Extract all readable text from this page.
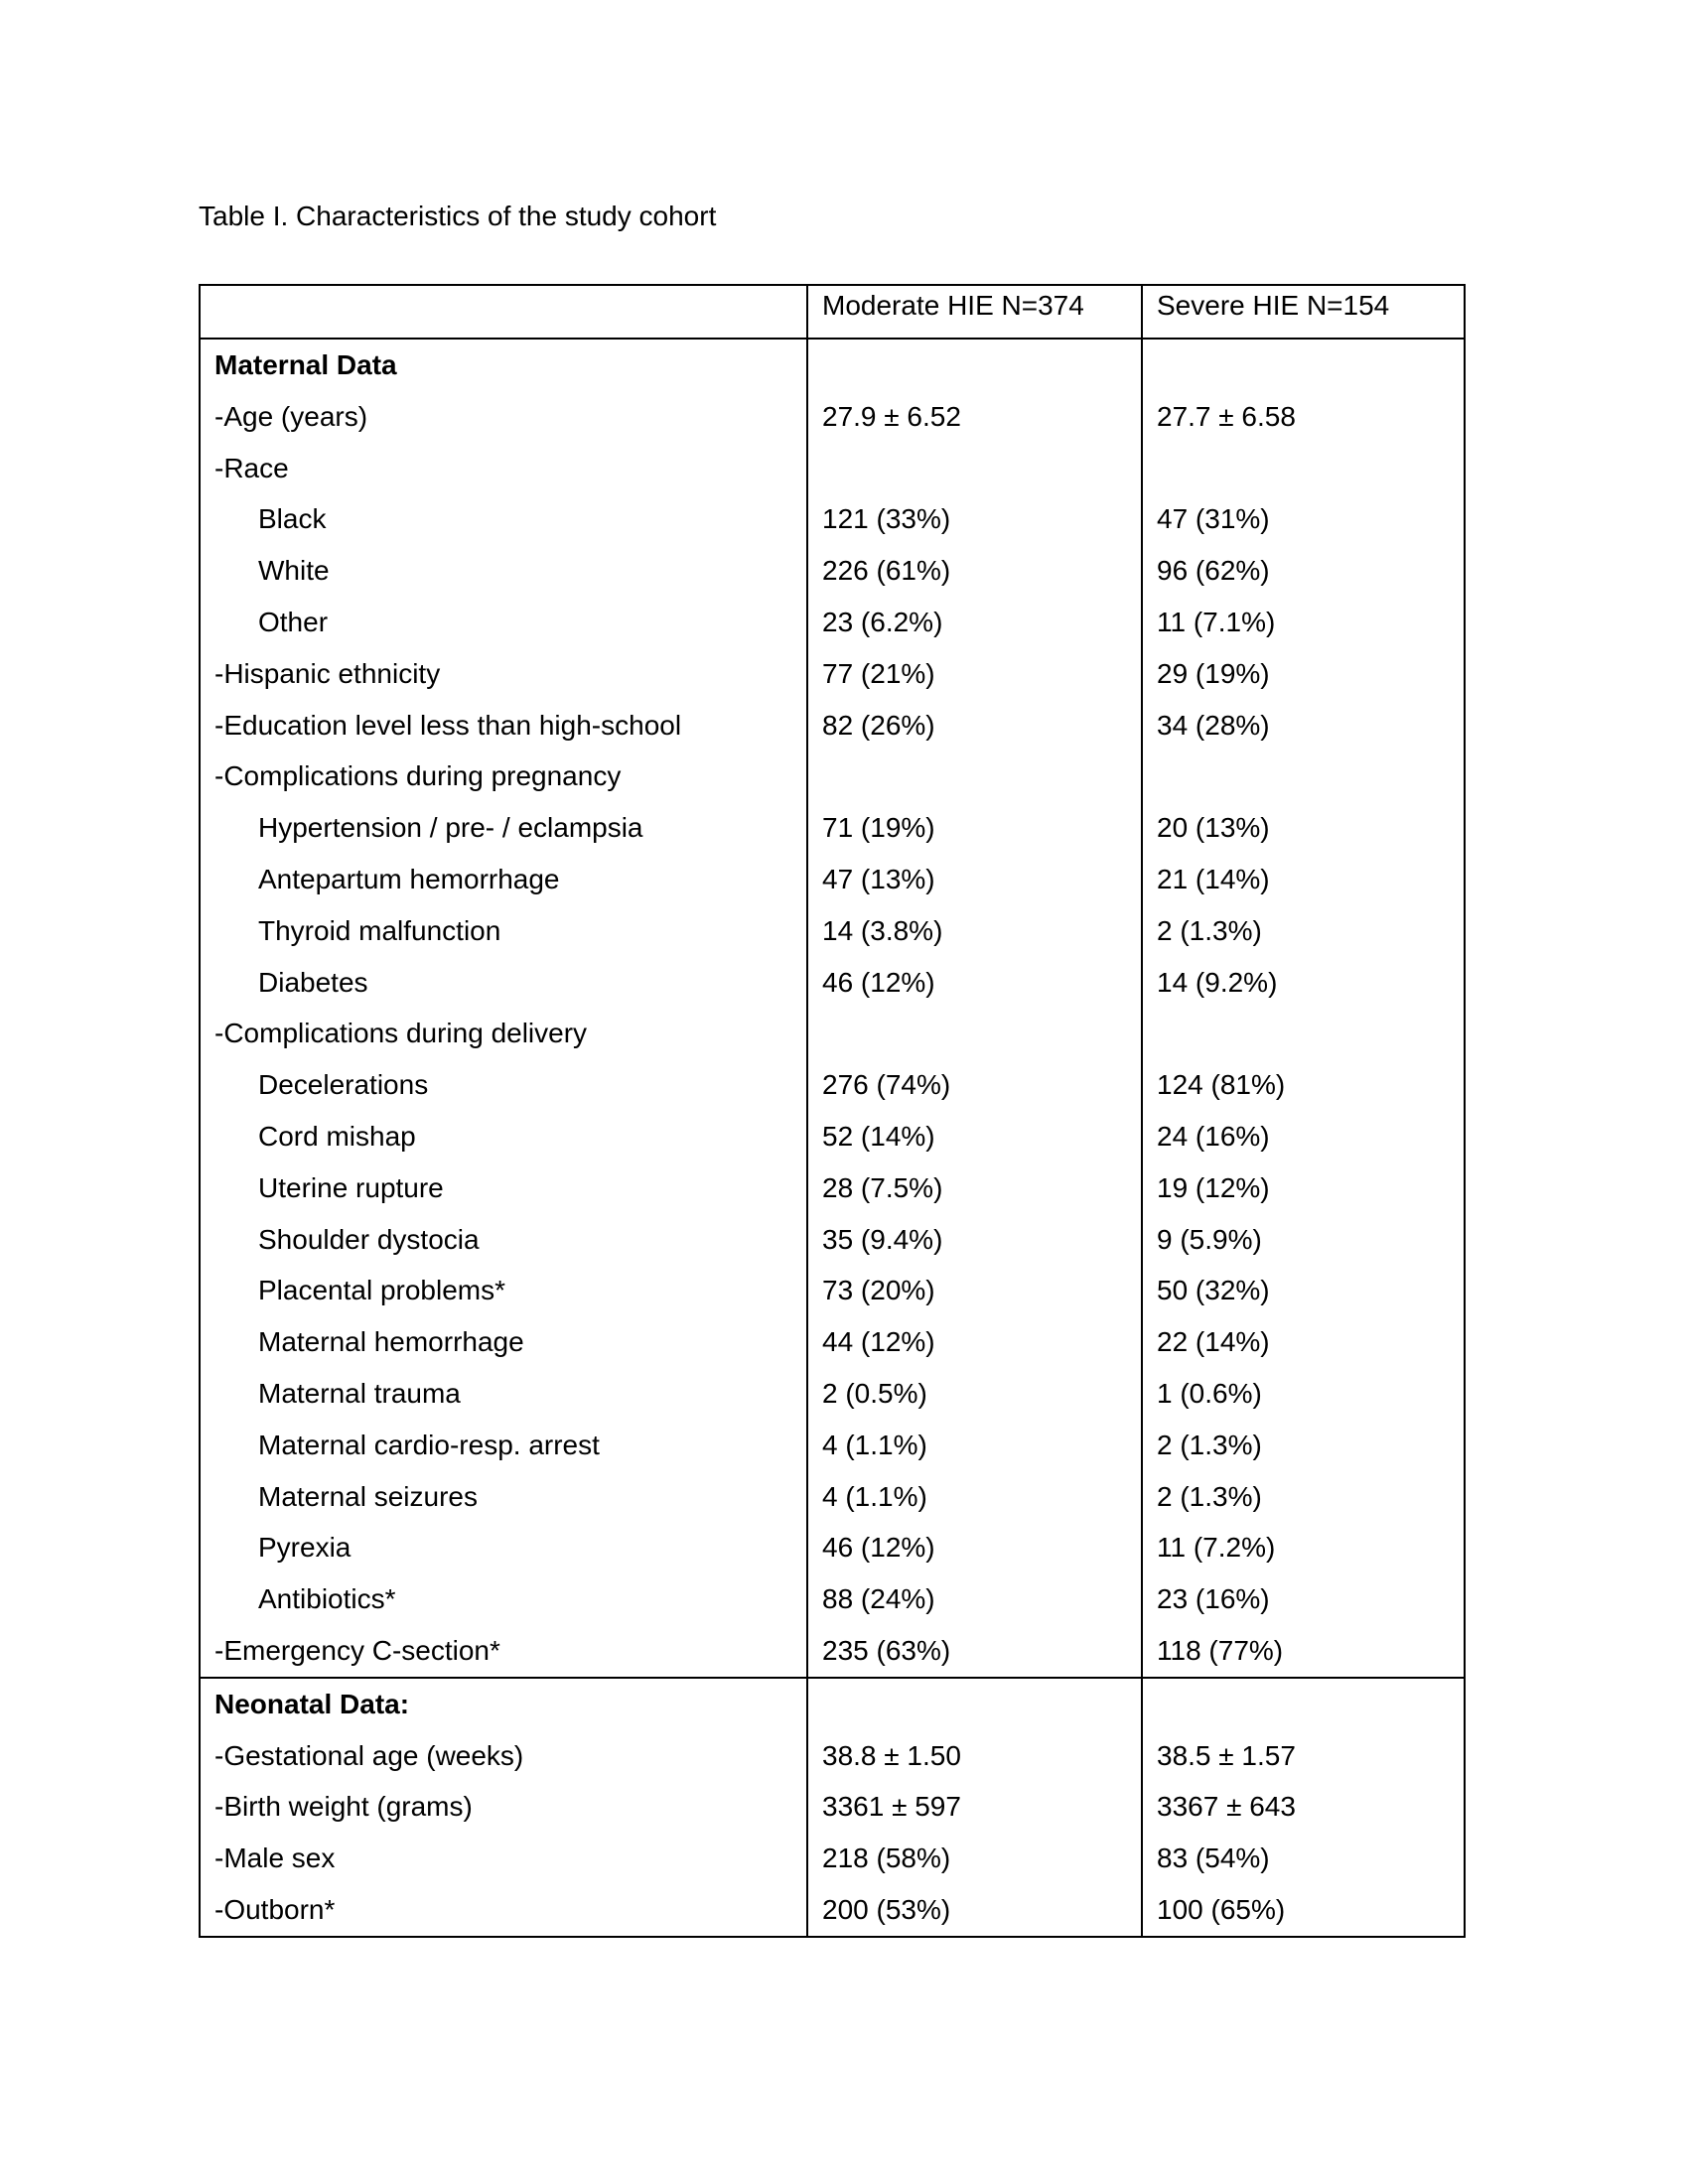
Table I. Characteristics of the study cohort
	Moderate HIE N=374	Severe HIE N=154
Maternal Data		
-Age (years)	27.9 ± 6.52	27.7 ± 6.58
-Race		
Black	121 (33%)	47 (31%)
White	226 (61%)	96 (62%)
Other	23 (6.2%)	11 (7.1%)
-Hispanic ethnicity	77 (21%)	29 (19%)
-Education level less than high-school	82 (26%)	34 (28%)
-Complications during pregnancy		
Hypertension / pre- / eclampsia	71 (19%)	20 (13%)
Antepartum hemorrhage	47 (13%)	21 (14%)
Thyroid malfunction	14 (3.8%)	2 (1.3%)
Diabetes	46 (12%)	14 (9.2%)
-Complications during delivery		
Decelerations	276 (74%)	124 (81%)
Cord mishap	52 (14%)	24 (16%)
Uterine rupture	28 (7.5%)	19 (12%)
Shoulder dystocia	35 (9.4%)	9 (5.9%)
Placental problems*	73 (20%)	50 (32%)
Maternal hemorrhage	44 (12%)	22 (14%)
Maternal trauma	2 (0.5%)	1 (0.6%)
Maternal cardio-resp. arrest	4 (1.1%)	2 (1.3%)
Maternal seizures	4 (1.1%)	2 (1.3%)
Pyrexia	46 (12%)	11 (7.2%)
Antibiotics*	88 (24%)	23 (16%)
-Emergency C-section*	235 (63%)	118 (77%)
Neonatal Data:		
-Gestational age (weeks)	38.8 ± 1.50	38.5 ± 1.57
-Birth weight (grams)	3361 ± 597	3367 ± 643
-Male sex	218 (58%)	83 (54%)
-Outborn*	200 (53%)	100 (65%)
